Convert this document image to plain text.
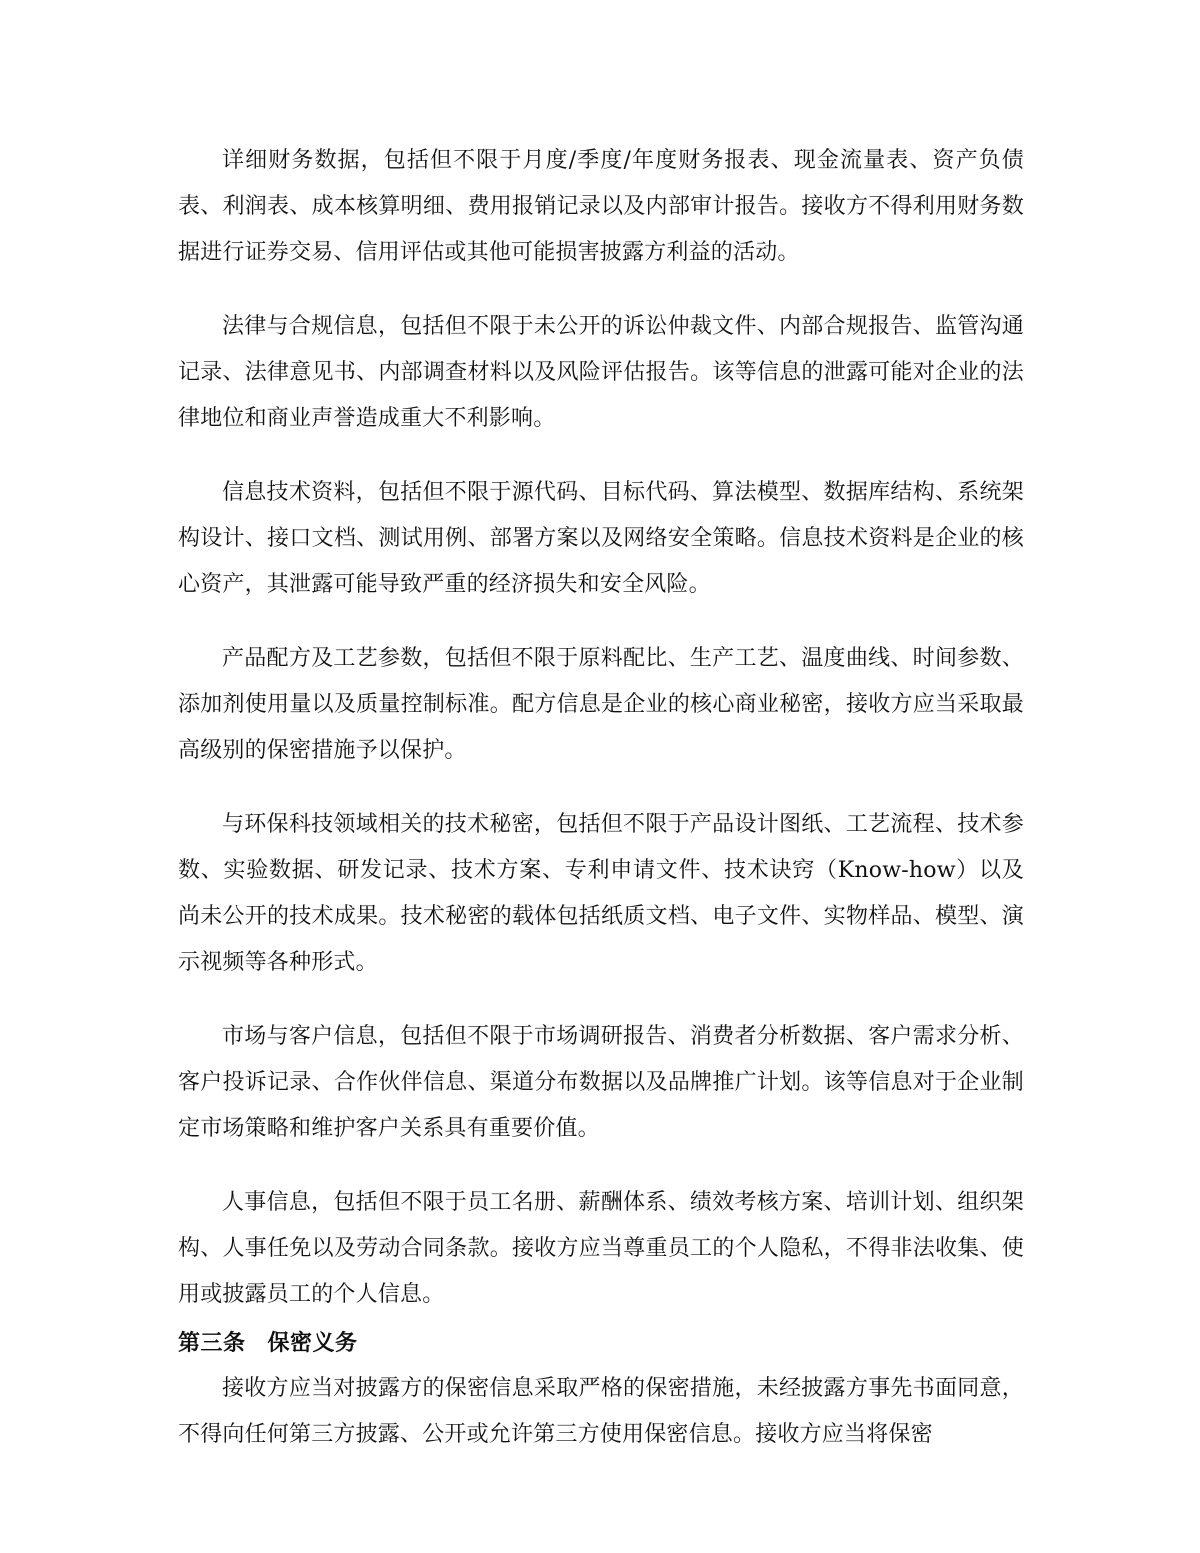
详细财务数据，包括但不限于月度/季度/年度财务报表、现金流量表、资产负债表、利润表、成本核算明细、费用报销记录以及内部审计报告。接收方不得利用财务数据进行证券交易、信用评估或其他可能损害披露方利益的活动。

法律与合规信息，包括但不限于未公开的诉讼仲裁文件、内部合规报告、监管沟通记录、法律意见书、内部调查材料以及风险评估报告。该等信息的泄露可能对企业的法律地位和商业声誉造成重大不利影响。

信息技术资料，包括但不限于源代码、目标代码、算法模型、数据库结构、系统架构设计、接口文档、测试用例、部署方案以及网络安全策略。信息技术资料是企业的核心资产，其泄露可能导致严重的经济损失和安全风险。

产品配方及工艺参数，包括但不限于原料配比、生产工艺、温度曲线、时间参数、添加剂使用量以及质量控制标准。配方信息是企业的核心商业秘密，接收方应当采取最高级别的保密措施予以保护。

与环保科技领域相关的技术秘密，包括但不限于产品设计图纸、工艺流程、技术参数、实验数据、研发记录、技术方案、专利申请文件、技术诀窍（Know-how）以及尚未公开的技术成果。技术秘密的载体包括纸质文档、电子文件、实物样品、模型、演示视频等各种形式。

市场与客户信息，包括但不限于市场调研报告、消费者分析数据、客户需求分析、客户投诉记录、合作伙伴信息、渠道分布数据以及品牌推广计划。该等信息对于企业制定市场策略和维护客户关系具有重要价值。

人事信息，包括但不限于员工名册、薪酬体系、绩效考核方案、培训计划、组织架构、人事任免以及劳动合同条款。接收方应当尊重员工的个人隐私，不得非法收集、使用或披露员工的个人信息。

第三条 保密义务

接收方应当对披露方的保密信息采取严格的保密措施，未经披露方事先书面同意，不得向任何第三方披露、公开或允许第三方使用保密信息。接收方应当将保密
